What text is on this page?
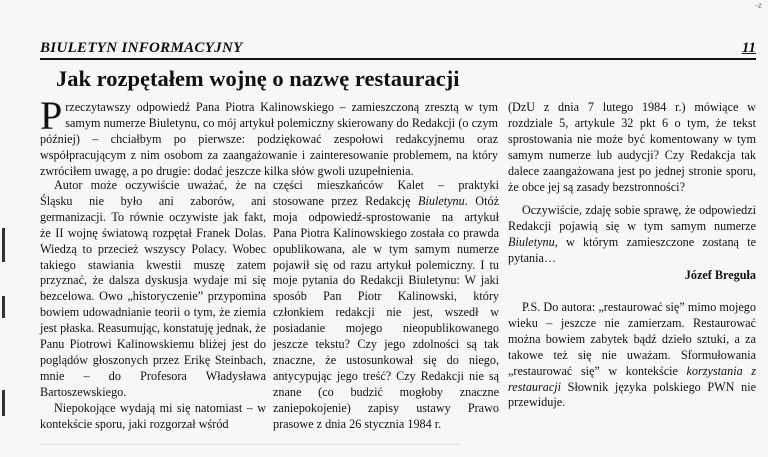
-z
BIULETYN INFORMACYJNY	11
Jak rozpętałem wojnę o nazwę restauracji

Przeczytawszy odpowiedź Pana Piotra Kalinowskiego – zamieszczoną zresztą w tym samym numerze Biuletynu, co mój artykuł polemiczny skierowany do Redakcji (o czym później) – chciałbym po pierwsze: podziękować zespołowi redakcyjnemu oraz współpracującym z nim osobom za zaangażowanie i zainteresowanie problemem, na który zwróciłem uwagę, a po drugie: dodać jeszcze kilka słów gwoli uzupełnienia.

Autor może oczywiście uważać, że na Śląsku nie było ani zaborów, ani germanizacji. To równie oczywiste jak fakt, że II wojnę światową rozpętał Franek Dolas. Wiedzą to przecież wszyscy Polacy. Wobec takiego stawiania kwestii muszę zatem przyznać, że dalsza dyskusja wydaje mi się bezcelowa. Owo „historyczenie” przypomina bowiem udowadnianie teorii o tym, że ziemia jest płaska. Reasumując, konstatuję jednak, że Panu Piotrowi Kalinowskiemu bliżej jest do poglądów głoszonych przez Erikę Steinbach, mnie – do Profesora Władysława Bartoszewskiego.

Niepokojące wydają mi się natomiast – w kontekście sporu, jaki rozgorzał wśród

części mieszkańców Kalet – praktyki stosowane przez Redakcję Biuletynu. Otóż moja odpowiedź-sprostowanie na artykuł Pana Piotra Kalinowskiego została co prawda opublikowana, ale w tym samym numerze pojawił się od razu artykuł polemiczny. I tu moje pytania do Redakcji Biuletynu: W jaki sposób Pan Piotr Kalinowski, który członkiem redakcji nie jest, wszedł w posiadanie mojego nieopublikowanego jeszcze tekstu? Czy jego zdolności są tak znaczne, że ustosunkował się do niego, antycypując jego treść? Czy Redakcji nie są znane (co budzić mogłoby znaczne zaniepokojenie) zapisy ustawy Prawo prasowe z dnia 26 stycznia 1984 r.

(DzU z dnia 7 lutego 1984 r.) mówiące w rozdziale 5, artykule 32 pkt 6 o tym, że tekst sprostowania nie może być komentowany w tym samym numerze lub audycji? Czy Redakcja tak dalece zaangażowana jest po jednej stronie sporu, że obce jej są zasady bezstronności?

Oczywiście, zdaję sobie sprawę, że odpowiedzi Redakcji pojawią się w tym samym numerze Biuletynu, w którym zamieszczone zostaną te pytania…

Józef Breguła

P.S. Do autora: „restaurować się” mimo mojego wieku – jeszcze nie zamierzam. Restaurować można bowiem zabytek bądź dzieło sztuki, a za takowe też się nie uważam. Sformułowania „restaurować się” w kontekście korzystania z restauracji Słownik języka polskiego PWN nie przewiduje.
